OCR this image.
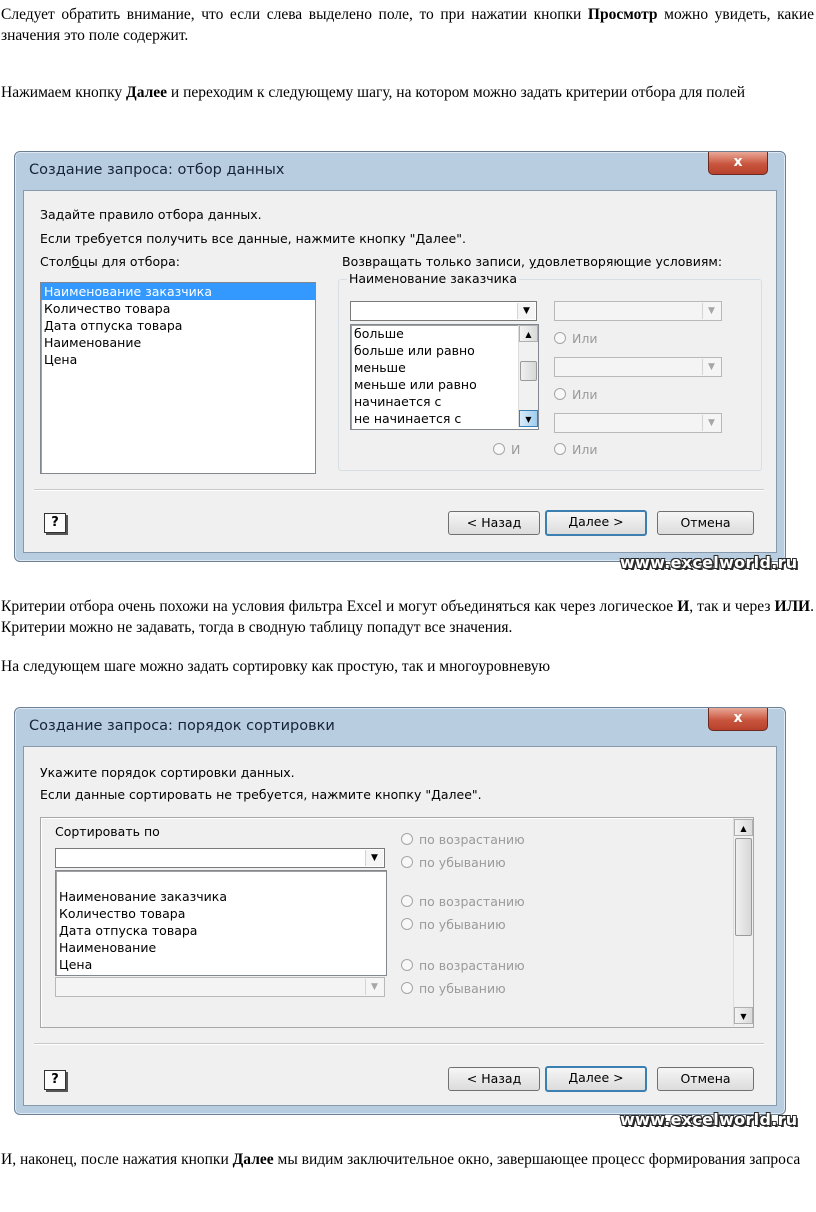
Следует обратить внимание, что если слева выделено поле, то при нажатии кнопки Просмотр можно увидеть, какие значения это поле содержит.
Нажимаем кнопку Далее и переходим к следующему шагу, на котором можно задать критерии отбора для полей
Создание запроса: отбор данных	x
Задайте правило отбора данных.
Если требуется получить все данные, нажмите кнопку "Далее".
Столбцы для отбора:
Наименование заказчика
Количество товара
Дата отпуска товара
Наименование
Цена
Возвращать только записи, удовлетворяющие условиям:
Наименование заказчика
▼
больше
больше или равно
меньше
меньше или равно
начинается с
не начинается с
▲
▼
▼
Или
▼
Или
▼
И	Или
?	< Назад	Далее >	Отмена
www.excelworld.ru
Критерии отбора очень похожи на условия фильтра Excel и могут объединяться как через логическое И, так и через ИЛИ. Критерии можно не задавать, тогда в сводную таблицу попадут все значения.
На следующем шаге можно задать сортировку как простую, так и многоуровневую
Создание запроса: порядок сортировки	x
Укажите порядок сортировки данных.
Если данные сортировать не требуется, нажмите кнопку "Далее".
Сортировать по
▼
Наименование заказчика
Количество товара
Дата отпуска товара
Наименование
Цена
▼
по возрастанию
по убыванию
по возрастанию
по убыванию
по возрастанию
по убыванию
▲
▼
?	< Назад	Далее >	Отмена
www.excelworld.ru
И, наконец, после нажатия кнопки Далее мы видим заключительное окно, завершающее процесс формирования запроса
